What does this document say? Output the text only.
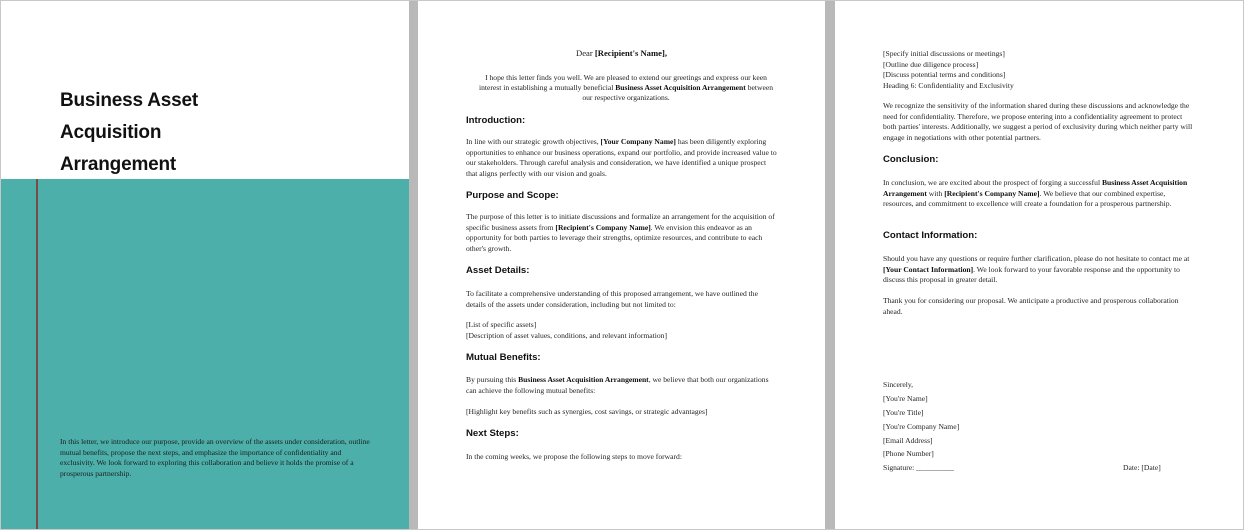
Business Asset
Acquisition
Arrangement
In this letter, we introduce our purpose, provide an overview of the assets under consideration, outline mutual benefits, propose the next steps, and emphasize the importance of confidentiality and exclusivity. We look forward to exploring this collaboration and believe it holds the promise of a prosperous partnership.
Dear [Recipient's Name],
I hope this letter finds you well. We are pleased to extend our greetings and express our keen interest in establishing a mutually beneficial Business Asset Acquisition Arrangement between our respective organizations.
Introduction:
In line with our strategic growth objectives, [Your Company Name] has been diligently exploring opportunities to enhance our business operations, expand our portfolio, and provide increased value to our stakeholders. Through careful analysis and consideration, we have identified a unique prospect that aligns perfectly with our vision and goals.
Purpose and Scope:
The purpose of this letter is to initiate discussions and formalize an arrangement for the acquisition of specific business assets from [Recipient's Company Name]. We envision this endeavor as an opportunity for both parties to leverage their strengths, optimize resources, and contribute to each other's growth.
Asset Details:
To facilitate a comprehensive understanding of this proposed arrangement, we have outlined the details of the assets under consideration, including but not limited to:
[List of specific assets]
[Description of asset values, conditions, and relevant information]
Mutual Benefits:
By pursuing this Business Asset Acquisition Arrangement, we believe that both our organizations can achieve the following mutual benefits:
[Highlight key benefits such as synergies, cost savings, or strategic advantages]
Next Steps:
In the coming weeks, we propose the following steps to move forward:
[Specify initial discussions or meetings]
[Outline due diligence process]
[Discuss potential terms and conditions]
Heading 6: Confidentiality and Exclusivity
We recognize the sensitivity of the information shared during these discussions and acknowledge the need for confidentiality. Therefore, we propose entering into a confidentiality agreement to protect both parties' interests. Additionally, we suggest a period of exclusivity during which neither party will engage in negotiations with other potential partners.
Conclusion:
In conclusion, we are excited about the prospect of forging a successful Business Asset Acquisition Arrangement with [Recipient's Company Name]. We believe that our combined expertise, resources, and commitment to excellence will create a foundation for a prosperous partnership.
Contact Information:
Should you have any questions or require further clarification, please do not hesitate to contact me at [Your Contact Information]. We look forward to your favorable response and the opportunity to discuss this proposal in greater detail.
Thank you for considering our proposal. We anticipate a productive and prosperous collaboration ahead.
Sincerely,
[You're Name]
[You're Title]
[You're Company Name]
[Email Address]
[Phone Number]
Signature: __________	Date: [Date]
